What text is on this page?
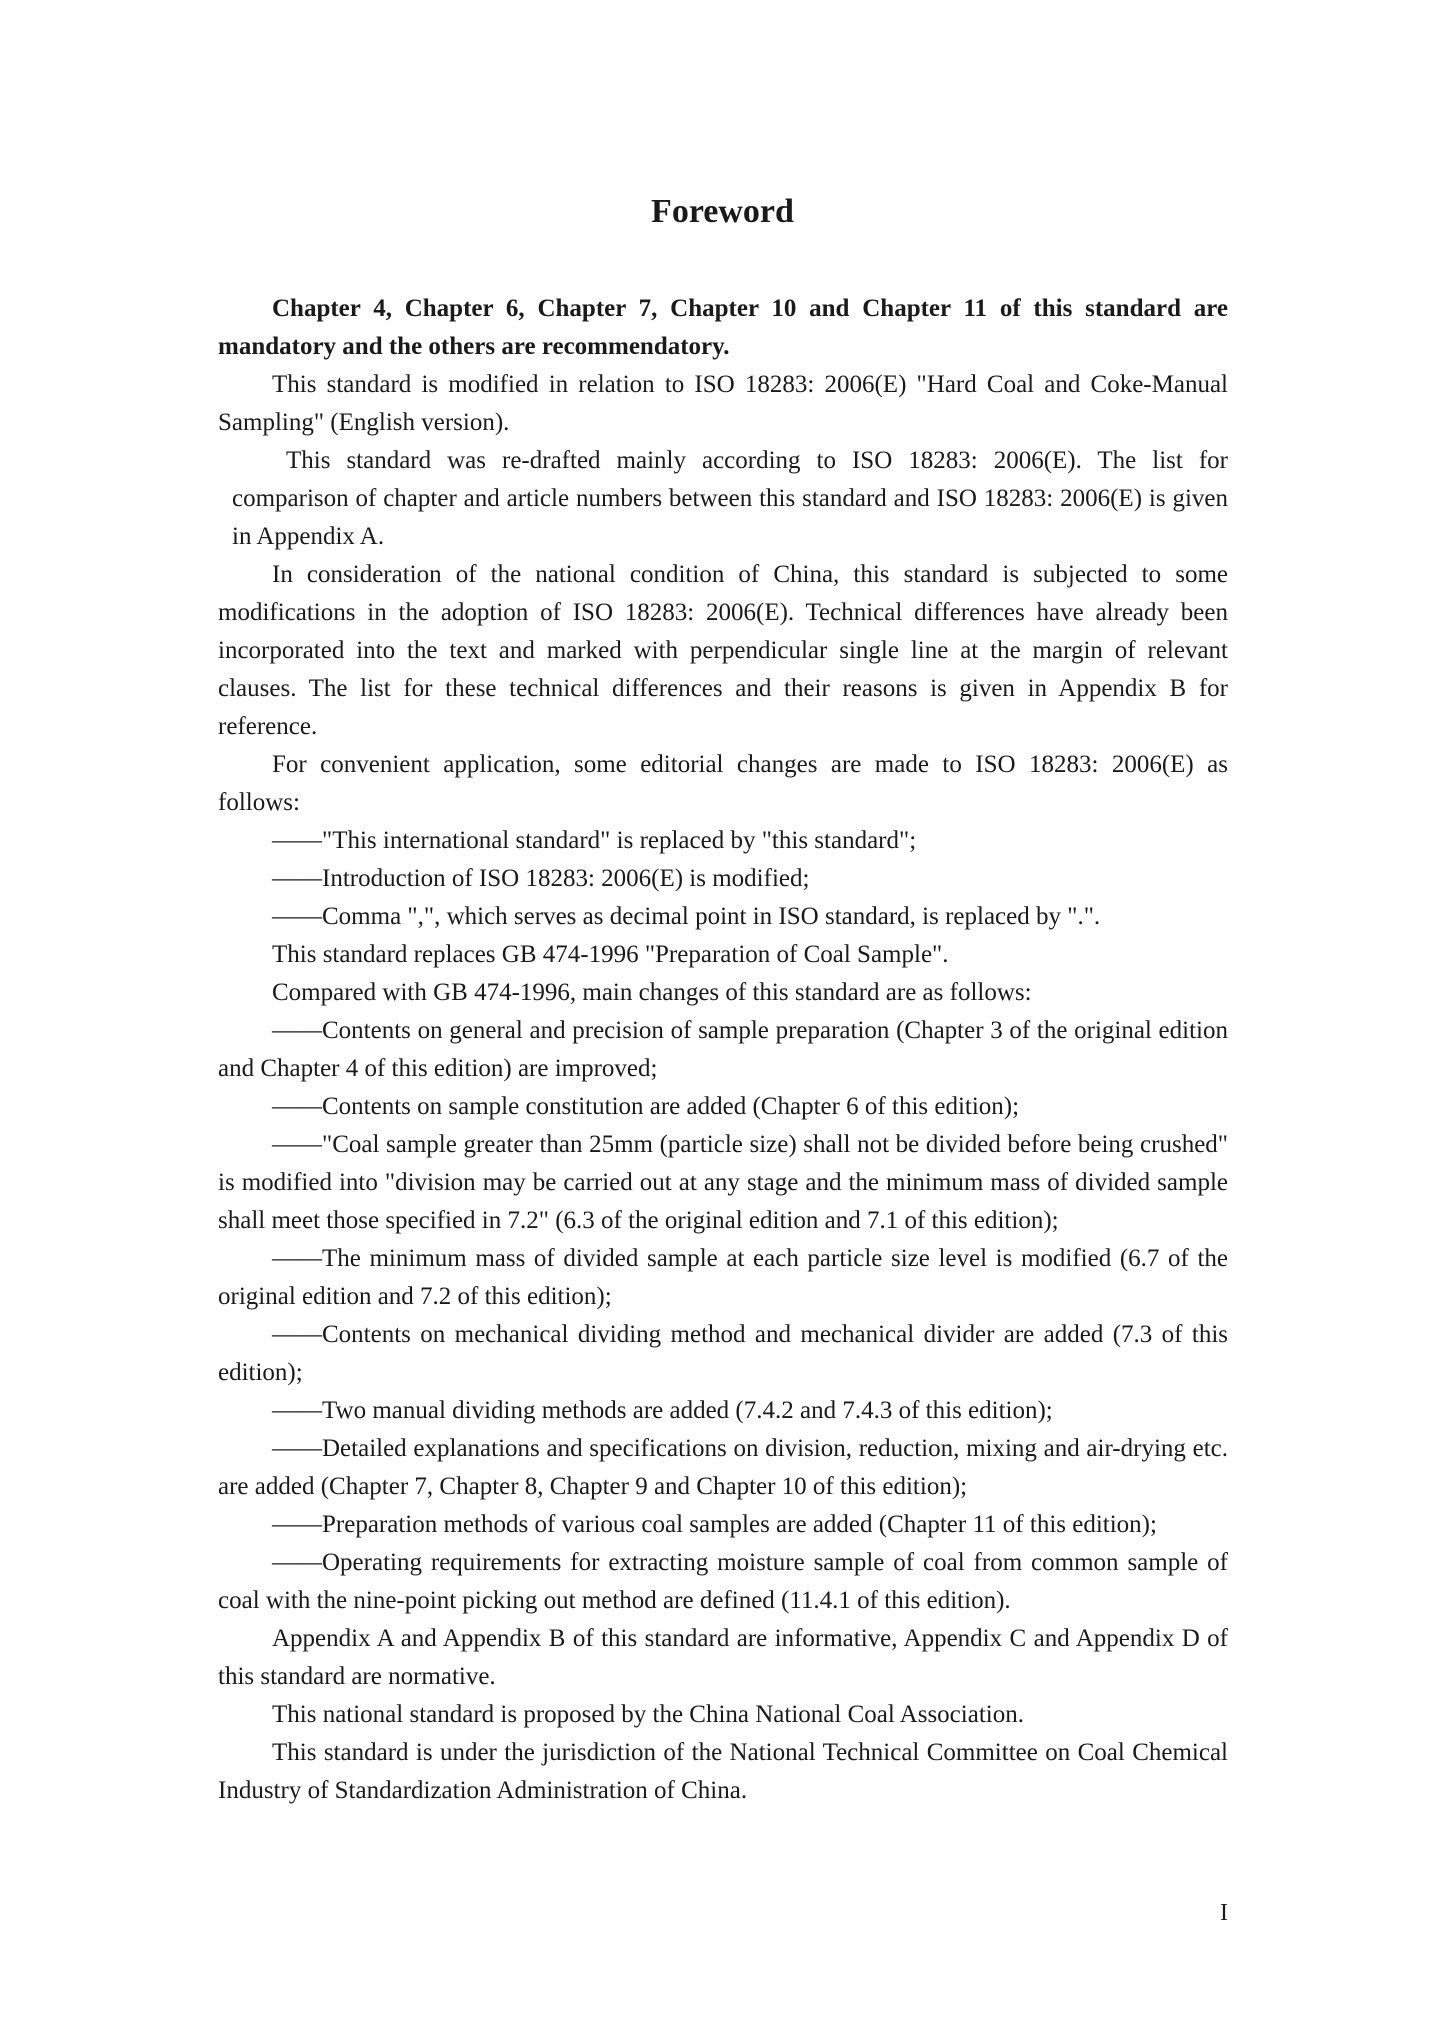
Foreword

Chapter 4, Chapter 6, Chapter 7, Chapter 10 and Chapter 11 of this standard are mandatory and the others are recommendatory.

This standard is modified in relation to ISO 18283: 2006(E) "Hard Coal and Coke-Manual Sampling" (English version).

This standard was re-drafted mainly according to ISO 18283: 2006(E). The list for comparison of chapter and article numbers between this standard and ISO 18283: 2006(E) is given in Appendix A.

In consideration of the national condition of China, this standard is subjected to some modifications in the adoption of ISO 18283: 2006(E). Technical differences have already been incorporated into the text and marked with perpendicular single line at the margin of relevant clauses. The list for these technical differences and their reasons is given in Appendix B for reference.

For convenient application, some editorial changes are made to ISO 18283: 2006(E) as follows:

——"This international standard" is replaced by "this standard";

——Introduction of ISO 18283: 2006(E) is modified;

——Comma ",", which serves as decimal point in ISO standard, is replaced by ".".

This standard replaces GB 474-1996 "Preparation of Coal Sample".

Compared with GB 474-1996, main changes of this standard are as follows:

——Contents on general and precision of sample preparation (Chapter 3 of the original edition and Chapter 4 of this edition) are improved;

——Contents on sample constitution are added (Chapter 6 of this edition);

——"Coal sample greater than 25mm (particle size) shall not be divided before being crushed" is modified into "division may be carried out at any stage and the minimum mass of divided sample shall meet those specified in 7.2" (6.3 of the original edition and 7.1 of this edition);

——The minimum mass of divided sample at each particle size level is modified (6.7 of the original edition and 7.2 of this edition);

——Contents on mechanical dividing method and mechanical divider are added (7.3 of this edition);

——Two manual dividing methods are added (7.4.2 and 7.4.3 of this edition);

——Detailed explanations and specifications on division, reduction, mixing and air-drying etc. are added (Chapter 7, Chapter 8, Chapter 9 and Chapter 10 of this edition);

——Preparation methods of various coal samples are added (Chapter 11 of this edition);

——Operating requirements for extracting moisture sample of coal from common sample of coal with the nine-point picking out method are defined (11.4.1 of this edition).

Appendix A and Appendix B of this standard are informative, Appendix C and Appendix D of this standard are normative.

This national standard is proposed by the China National Coal Association.

This standard is under the jurisdiction of the National Technical Committee on Coal Chemical Industry of Standardization Administration of China.

I
